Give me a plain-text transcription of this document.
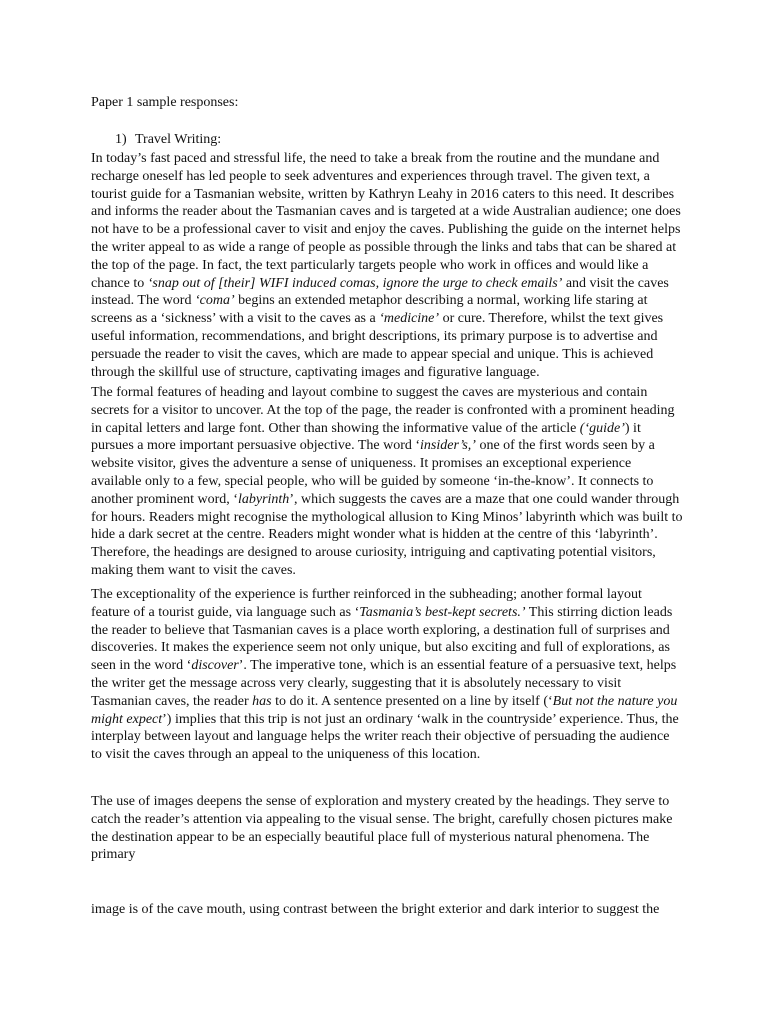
Paper 1 sample responses:

1) Travel Writing:

In today’s fast paced and stressful life, the need to take a break from the routine and the mundane and recharge oneself has led people to seek adventures and experiences through travel. The given text, a tourist guide for a Tasmanian website, written by Kathryn Leahy in 2016 caters to this need. It describes and informs the reader about the Tasmanian caves and is targeted at a wide Australian audience; one does not have to be a professional caver to visit and enjoy the caves. Publishing the guide on the internet helps the writer appeal to as wide a range of people as possible through the links and tabs that can be shared at the top of the page. In fact, the text particularly targets people who work in offices and would like a chance to ‘snap out of [their] WIFI induced comas, ignore the urge to check emails’ and visit the caves instead. The word ‘coma’ begins an extended metaphor describing a normal, working life staring at screens as a ‘sickness’ with a visit to the caves as a ‘medicine’ or cure. Therefore, whilst the text gives useful information, recommendations, and bright descriptions, its primary purpose is to advertise and persuade the reader to visit the caves, which are made to appear special and unique. This is achieved through the skillful use of structure, captivating images and figurative language.

The formal features of heading and layout combine to suggest the caves are mysterious and contain secrets for a visitor to uncover. At the top of the page, the reader is confronted with a prominent heading in capital letters and large font. Other than showing the informative value of the article (‘guide’) it pursues a more important persuasive objective. The word ‘insider’s,’ one of the first words seen by a website visitor, gives the adventure a sense of uniqueness. It promises an exceptional experience available only to a few, special people, who will be guided by someone ‘in-the-know’. It connects to another prominent word, ‘labyrinth’, which suggests the caves are a maze that one could wander through for hours. Readers might recognise the mythological allusion to King Minos’ labyrinth which was built to hide a dark secret at the centre. Readers might wonder what is hidden at the centre of this ‘labyrinth’. Therefore, the headings are designed to arouse curiosity, intriguing and captivating potential visitors, making them want to visit the caves.

The exceptionality of the experience is further reinforced in the subheading; another formal layout feature of a tourist guide, via language such as ‘Tasmania’s best-kept secrets.’ This stirring diction leads the reader to believe that Tasmanian caves is a place worth exploring, a destination full of surprises and discoveries. It makes the experience seem not only unique, but also exciting and full of explorations, as seen in the word ‘discover’. The imperative tone, which is an essential feature of a persuasive text, helps the writer get the message across very clearly, suggesting that it is absolutely necessary to visit Tasmanian caves, the reader has to do it. A sentence presented on a line by itself (‘But not the nature you might expect’) implies that this trip is not just an ordinary ‘walk in the countryside’ experience. Thus, the interplay between layout and language helps the writer reach their objective of persuading the audience to visit the caves through an appeal to the uniqueness of this location.

The use of images deepens the sense of exploration and mystery created by the headings. They serve to catch the reader’s attention via appealing to the visual sense. The bright, carefully chosen pictures make the destination appear to be an especially beautiful place full of mysterious natural phenomena. The primary

image is of the cave mouth, using contrast between the bright exterior and dark interior to suggest the
